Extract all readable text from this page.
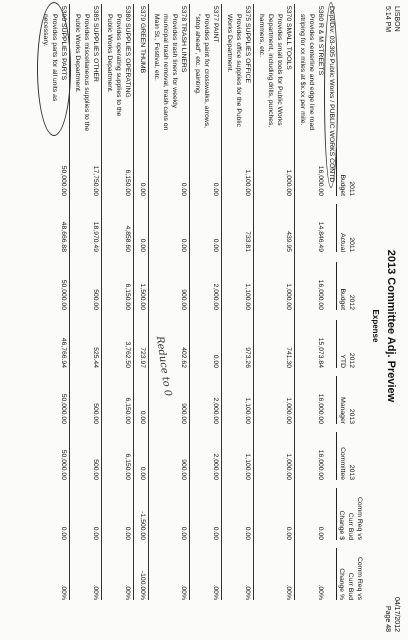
LISBON
5:14 PM
2013 Committee Adj. Preview
Expense
04/17/2012
Page 48
2011
Budget
2011
Actual
2012
Budget
2012
YTD
2013
Manager
2013
Committee
Comm Req vs
Curr Bud
Change $
Comm Req vs
Curr Bud
Change %
Dept/Div: 03-305 Public Works / PUBLIC WORKS CONTD
5360 R & M STREETS
Provides centerline and edge line road
striping for xx miles at $x.xx per mile.
16,000.00
14,846.49
16,000.00
15,073.84
16,000.00
16,000.00
0.00
.00%
5370 SMALL TOOLS
Provides small tools for Public Works
Department, including drills, punches,
hammers, etc.
1,000.00
439.95
1,000.00
741.30
1,000.00
1,000.00
0.00
.00%
5375 SUPPLIES OFFICE
Provides office supplies for the Public
Works Department.
1,100.00
733.81
1,100.00
973.26
1,100.00
1,100.00
0.00
.00%
5377 PAINT
Provides paint for crosswalks, arrows,
"stop ahead", etc. painting.
0.00
0.00
2,000.00
0.00
2,000.00
2,000.00
0.00
.00%
5378 TRASH LINERS
Provides trash liners for weekly
municipal trash removal, trash cans on
Main St., Festival, etc.
0.00
0.00
900.00
402.62
900.00
900.00
0.00
.00%
5379 GREEN THUMB
0.00
0.00
1,500.00
723.97
0.00
0.00
-1,500.00
-100.00%
Reduce to 0
5380 SUPPLIES OPERATING
Provides operating supplies to the
Public Works Department.
6,150.00
4,858.60
6,150.00
3,762.50
6,150.00
6,150.00
0.00
.00%
5385 SUPPLIES OTHER
Provides miscellaneous supplies to the
Public Works Department.
17,750.00
18,970.49
500.00
525.44
500.00
500.00
0.00
.00%
5390 SUPPLIES PARTS
Provides parts for all units as
necessary.
50,000.00
48,666.88
50,000.00
46,766.94
50,000.00
50,000.00
0.00
.00%
